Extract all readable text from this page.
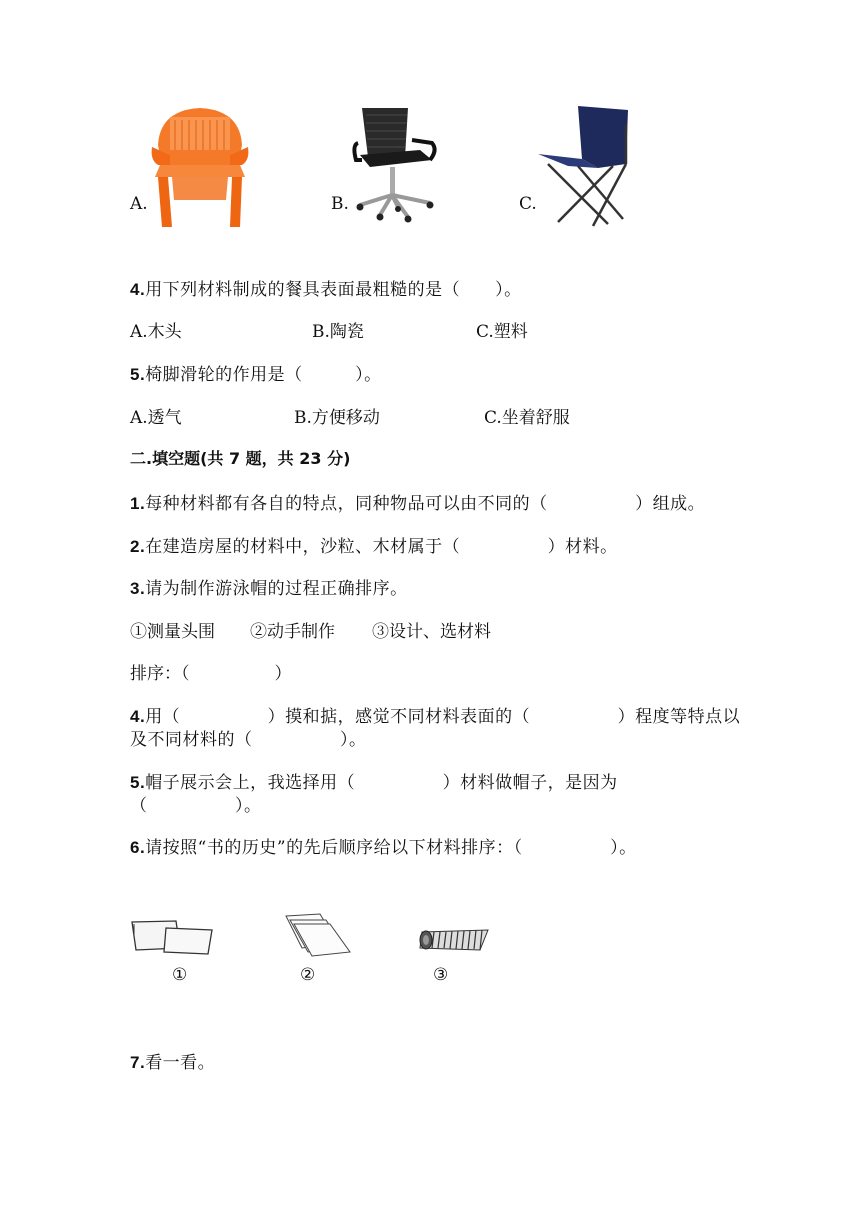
A.	B.	C.
4.用下列材料制成的餐具表面最粗糙的是（　　）。
A.木头	B.陶瓷	C.塑料
5.椅脚滑轮的作用是（　　　）。
A.透气	B.方便移动	C.坐着舒服
二.填空题(共 7 题，共 23 分)
1.每种材料都有各自的特点，同种物品可以由不同的（　　　　　）组成。
2.在建造房屋的材料中，沙粒、木材属于（　　　　　）材料。
3.请为制作游泳帽的过程正确排序。
①测量头围 ②动手制作 ③设计、选材料
排序：（　　　　　）
4.用（　　　　　）摸和掂，感觉不同材料表面的（　　　　　）程度等特点以
及不同材料的（　　　　　）。
5.帽子展示会上，我选择用（　　　　　）材料做帽子，是因为
（　　　　　）。
6.请按照“书的历史”的先后顺序给以下材料排序：（　　　　　）。
①	②	③
7.看一看。
